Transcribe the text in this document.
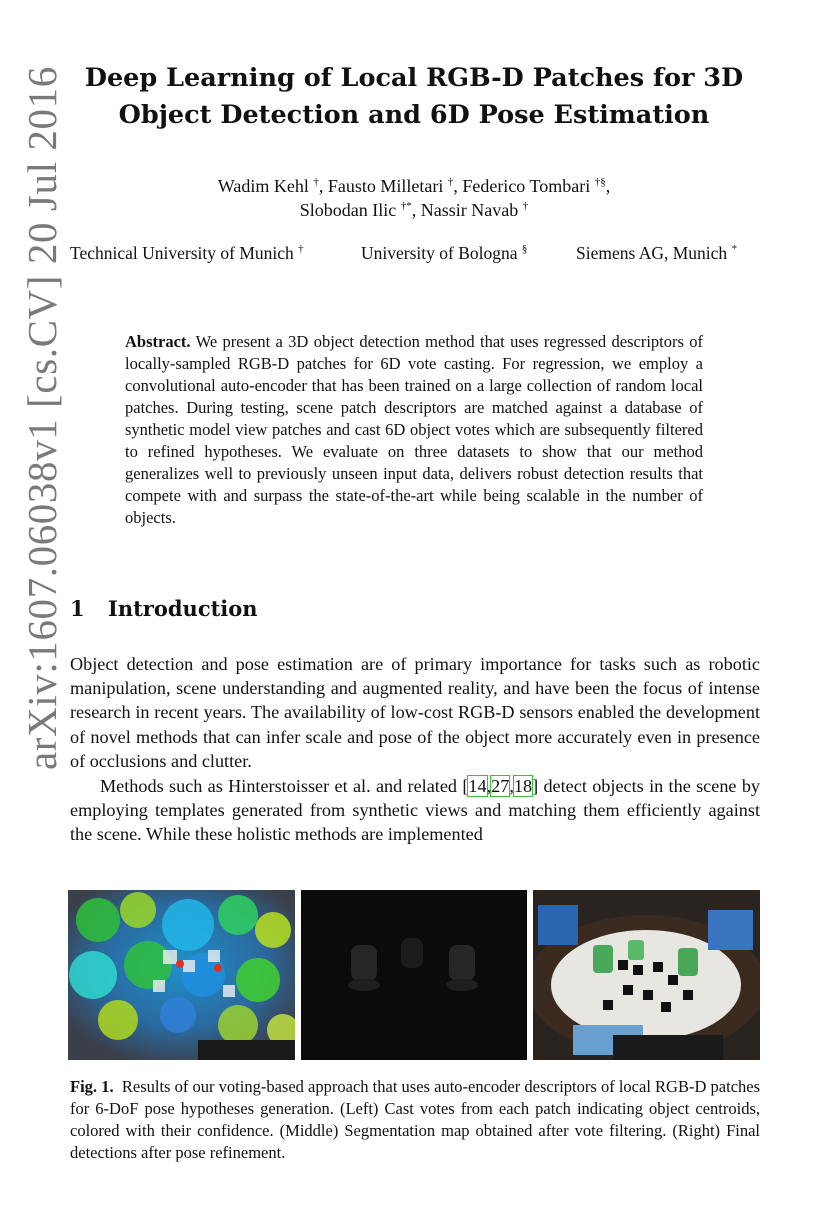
arXiv:1607.06038v1 [cs.CV] 20 Jul 2016 Deep Learning of Local RGB-D Patches for 3D
Object Detection and 6D Pose Estimation
Wadim Kehl †, Fausto Milletari †, Federico Tombari †§,
Slobodan Ilic †*, Nassir Navab †
Technical University of Munich †	University of Bologna §	Siemens AG, Munich *
Abstract. We present a 3D object detection method that uses regressed descriptors of locally-sampled RGB-D patches for 6D vote casting. For regression, we employ a convolutional auto-encoder that has been trained on a large collection of random local patches. During testing, scene patch descriptors are matched against a database of synthetic model view patches and cast 6D object votes which are subsequently filtered to refined hypotheses. We evaluate on three datasets to show that our method generalizes well to previously unseen input data, delivers robust detection results that compete with and surpass the state-of-the-art while being scalable in the number of objects.
1 Introduction
Object detection and pose estimation are of primary importance for tasks such as robotic manipulation, scene understanding and augmented reality, and have been the focus of intense research in recent years. The availability of low-cost RGB-D sensors enabled the development of novel methods that can infer scale and pose of the object more accurately even in presence of occlusions and clutter.
Methods such as Hinterstoisser et al. and related [14,27,18] detect objects in the scene by employing templates generated from synthetic views and matching them efficiently against the scene. While these holistic methods are implemented
Fig. 1. Results of our voting-based approach that uses auto-encoder descriptors of local RGB-D patches for 6-DoF pose hypotheses generation. (Left) Cast votes from each patch indicating object centroids, colored with their confidence. (Middle) Segmentation map obtained after vote filtering. (Right) Final detections after pose refinement.
